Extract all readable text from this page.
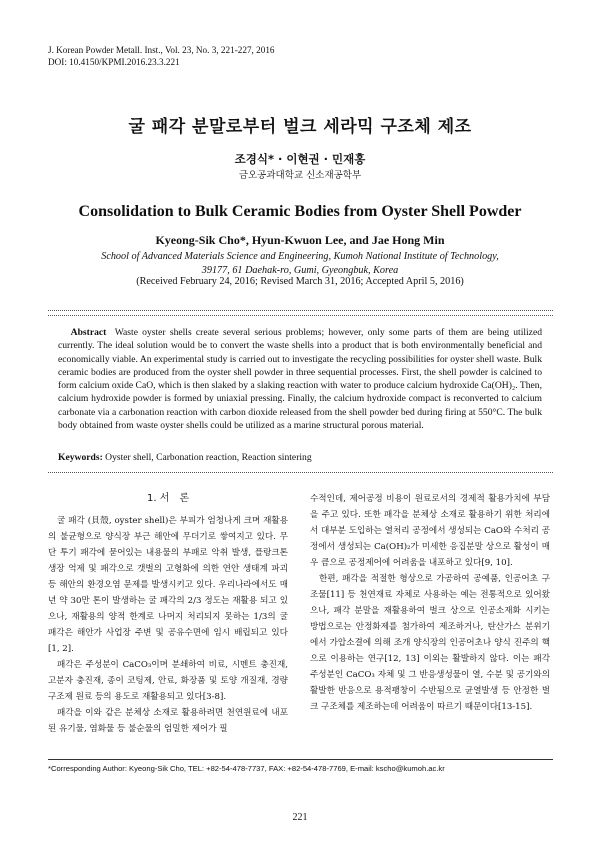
J. Korean Powder Metall. Inst., Vol. 23, No. 3, 221-227, 2016
DOI: 10.4150/KPMI.2016.23.3.221
굴 패각 분말로부터 벌크 세라믹 구조체 제조
조경식* · 이현권 · 민재홍
금오공과대학교 신소재공학부
Consolidation to Bulk Ceramic Bodies from Oyster Shell Powder
Kyeong-Sik Cho*, Hyun-Kwuon Lee, and Jae Hong Min
School of Advanced Materials Science and Engineering, Kumoh National Institute of Technology,
39177, 61 Daehak-ro, Gumi, Gyeongbuk, Korea
(Received February 24, 2016; Revised March 31, 2016; Accepted April 5, 2016)
Abstract Waste oyster shells create several serious problems; however, only some parts of them are being utilized currently. The ideal solution would be to convert the waste shells into a product that is both environmentally beneficial and economically viable. An experimental study is carried out to investigate the recycling possibilities for oyster shell waste. Bulk ceramic bodies are produced from the oyster shell powder in three sequential processes. First, the shell powder is calcined to form calcium oxide CaO, which is then slaked by a slaking reaction with water to produce calcium hydroxide Ca(OH)₂. Then, calcium hydroxide powder is formed by uniaxial pressing. Finally, the calcium hydroxide compact is reconverted to calcium carbonate via a carbonation reaction with carbon dioxide released from the shell powder bed during firing at 550°C. The bulk body obtained from waste oyster shells could be utilized as a marine structural porous material.
Keywords: Oyster shell, Carbonation reaction, Reaction sintering
1. 서　론

굴 패각 (貝殼, oyster shell)은 부피가 엄청나게 크며 재활용의 불균형으로 양식장 부근 해안에 무더기로 쌓여지고 있다. 무단 투기 패각에 묻어있는 내용물의 부패로 악취 발생, 플랑크톤 생장 억제 및 패각으로 갯벌의 고형화에 의한 연안 생태계 파괴 등 해안의 환경오염 문제를 발생시키고 있다. 우리나라에서도 매년 약 30만 톤이 발생하는 굴 패각의 2/3 정도는 재활용 되고 있으나, 재활용의 양적 한계로 나머지 처리되지 못하는 1/3의 굴 패각은 해안가 사업장 주변 및 공유수면에 임시 배립되고 있다[1, 2].

패각은 주성분이 CaCO₃이며 분쇄하여 비료, 시멘트 충진재, 고분자 충진재, 종이 코팅제, 안료, 화장품 및 토양 개질재, 경량구조제 원료 등의 용도로 재활용되고 있다[3-8].

패각을 이와 같은 분체상 소재로 활용하려면 천연원료에 내포된 유기물, 염화물 등 불순물의 엄밀한 제어가 필

수적인데, 제어공정 비용이 원료로서의 경제적 활용가치에 부담을 주고 있다. 또한 패각을 분체상 소재로 활용하기 위한 처리에서 대부분 도입하는 열처리 공정에서 생성되는 CaO와 수처리 공정에서 생성되는 Ca(OH)₂가 미세한 응집분말 상으로 활성이 매우 큼으로 공정제어에 어려움을 내포하고 있다[9, 10].

한편, 패각을 적절한 형상으로 가공하여 공예품, 인공어초 구조물[11] 등 천연재료 자체로 사용하는 예는 전통적으로 있어왔으나, 패각 분말을 재활용하여 벌크 상으로 인공소재화 시키는 방법으로는 안정화제를 첨가하여 제조하거나, 탄산가스 분위기에서 가압소결에 의해 조개 양식장의 인공어초나 양식 진주의 핵으로 이용하는 연구[12, 13] 이외는 활발하지 않다. 이는 패각 주성분인 CaCO₃ 자체 및 그 반응생성물이 열, 수분 및 공기와의 활발한 반응으로 용적팽창이 수반됨으로 균열발생 등 안정한 벌크 구조체를 제조하는데 어려움이 따르기 때문이다[13-15].

*Corresponding Author: Kyeong-Sik Cho, TEL: +82-54-478-7737, FAX: +82-54-478-7769, E-mail: kscho@kumoh.ac.kr
221
